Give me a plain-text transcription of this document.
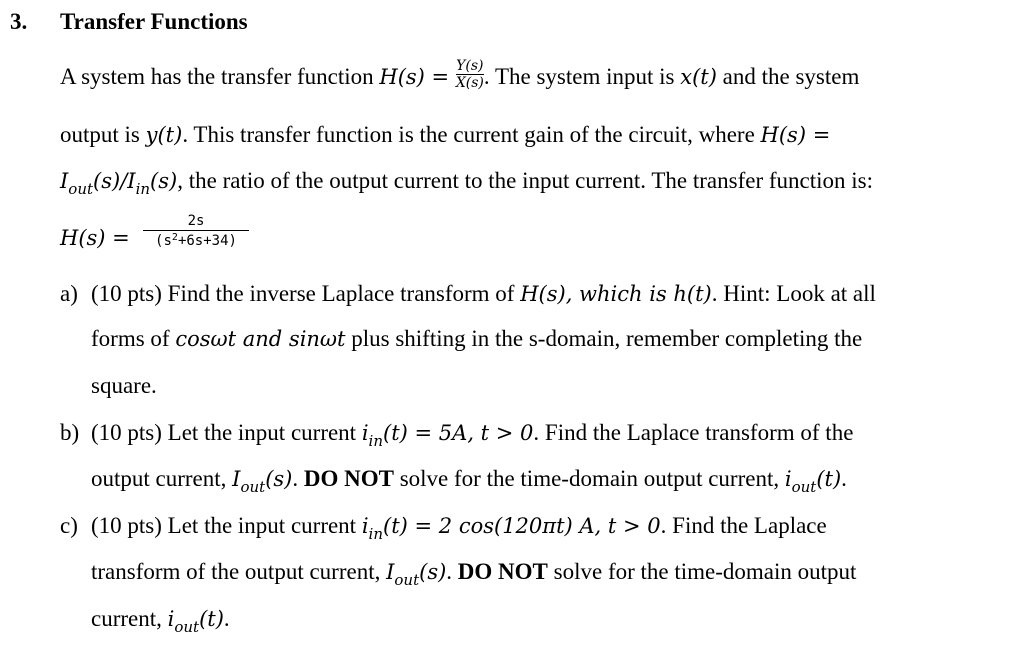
3. Transfer Functions
A system has the transfer function $H(s) = \frac{Y(s)}{X(s)}$ . The system input is x(t) and the system
output is y(t). This transfer function is the current gain of the circuit, where H(s) =
$I_{out}(s)/I_{in}(s)$, the ratio of the output current to the input current. The transfer function is:
H(s) =
2s
$(s^2+6s+34)$
a) (10 pts) Find the inverse Laplace transform of H(s), which is h(t). Hint: Look at all
forms of cosωt and sinωt plus shifting in the s-domain, remember completing the
square.
b) (10 pts) Let the input current $i_{in}(t) = 5A$, t > 0. Find the Laplace transform of the
output current, $I_{out}(s)$. DO NOT solve for the time-domain output current, $i_{out}(t)$.
c) (10 pts) Let the input current $i_{in}(t) = 2$ cos(120πt) A, t > 0. Find the Laplace
transform of the output current, $I_{out}(s)$. DO NOT solve for the time-domain output
current, $i_{out}(t)$.
